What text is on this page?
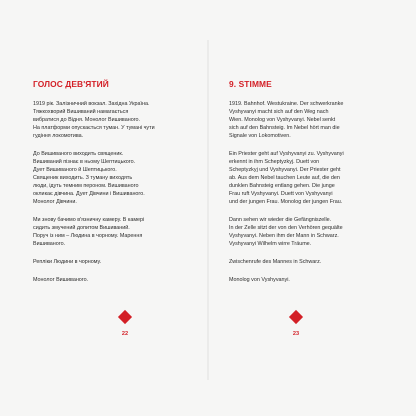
ГОЛОС ДЕВ'ЯТИЙ

1919 рік. Залізничний вокзал. Західна Україна.
Тяжкохворий Вишиваний намагається
вибратися до Відня. Монолог Вишиваного.
На платформи опускається туман. У тумані чути
гудіння локомотива.

До Вишиваного виходить священик.
Вишиваний пізнає в ньому Шептицького.
Дует Вишиваного й Шептицького.
Священик виходить. З туману виходять
люди, ідуть темним пероном. Вишиваного
окликає дівчина. Дует Дівчини і Вишиваного.
Монолог Дівчини.

Ми знову бачимо в'язничну камеру. В камері
сидить змучений допитом Вишиваний.
Поруч із ним – Людина в чорному. Марення
Вишиваного.

Репліки Людини в чорному.

Монолог Вишиваного.

22
9. STIMME

1919. Bahnhof. Westukraine. Der schwerkranke
Vyshyvanyi macht sich auf den Weg nach
Wien. Monolog von Vyshyvanyi. Nebel senkt
sich auf den Bahnsteig. Im Nebel hört man die
Signale von Lokomotiven.

Ein Priester geht auf Vyshyvanyi zu. Vyshyvanyi
erkennt in ihm Scheptyzkyj. Duett von
Scheptyzkyj und Vyshyvanyi. Der Priester geht
ab. Aus dem Nebel tauchen Leute auf, die den
dunklen Bahnsteig entlang gehen. Die junge
Frau ruft Vyshyvanyi. Duett von Vyshyvanyi
und der jungen Frau. Monolog der jungen Frau.

Dann sehen wir wieder die Gefängniszelle.
In der Zelle sitzt der von den Verhören gequälte
Vyshyvanyi. Neben ihm der Mann in Schwarz.
Vyshyvanyi Wilhelm wirre Träume.

Zwischenrufe des Mannes in Schwarz.

Monolog von Vyshyvanyi.

23
